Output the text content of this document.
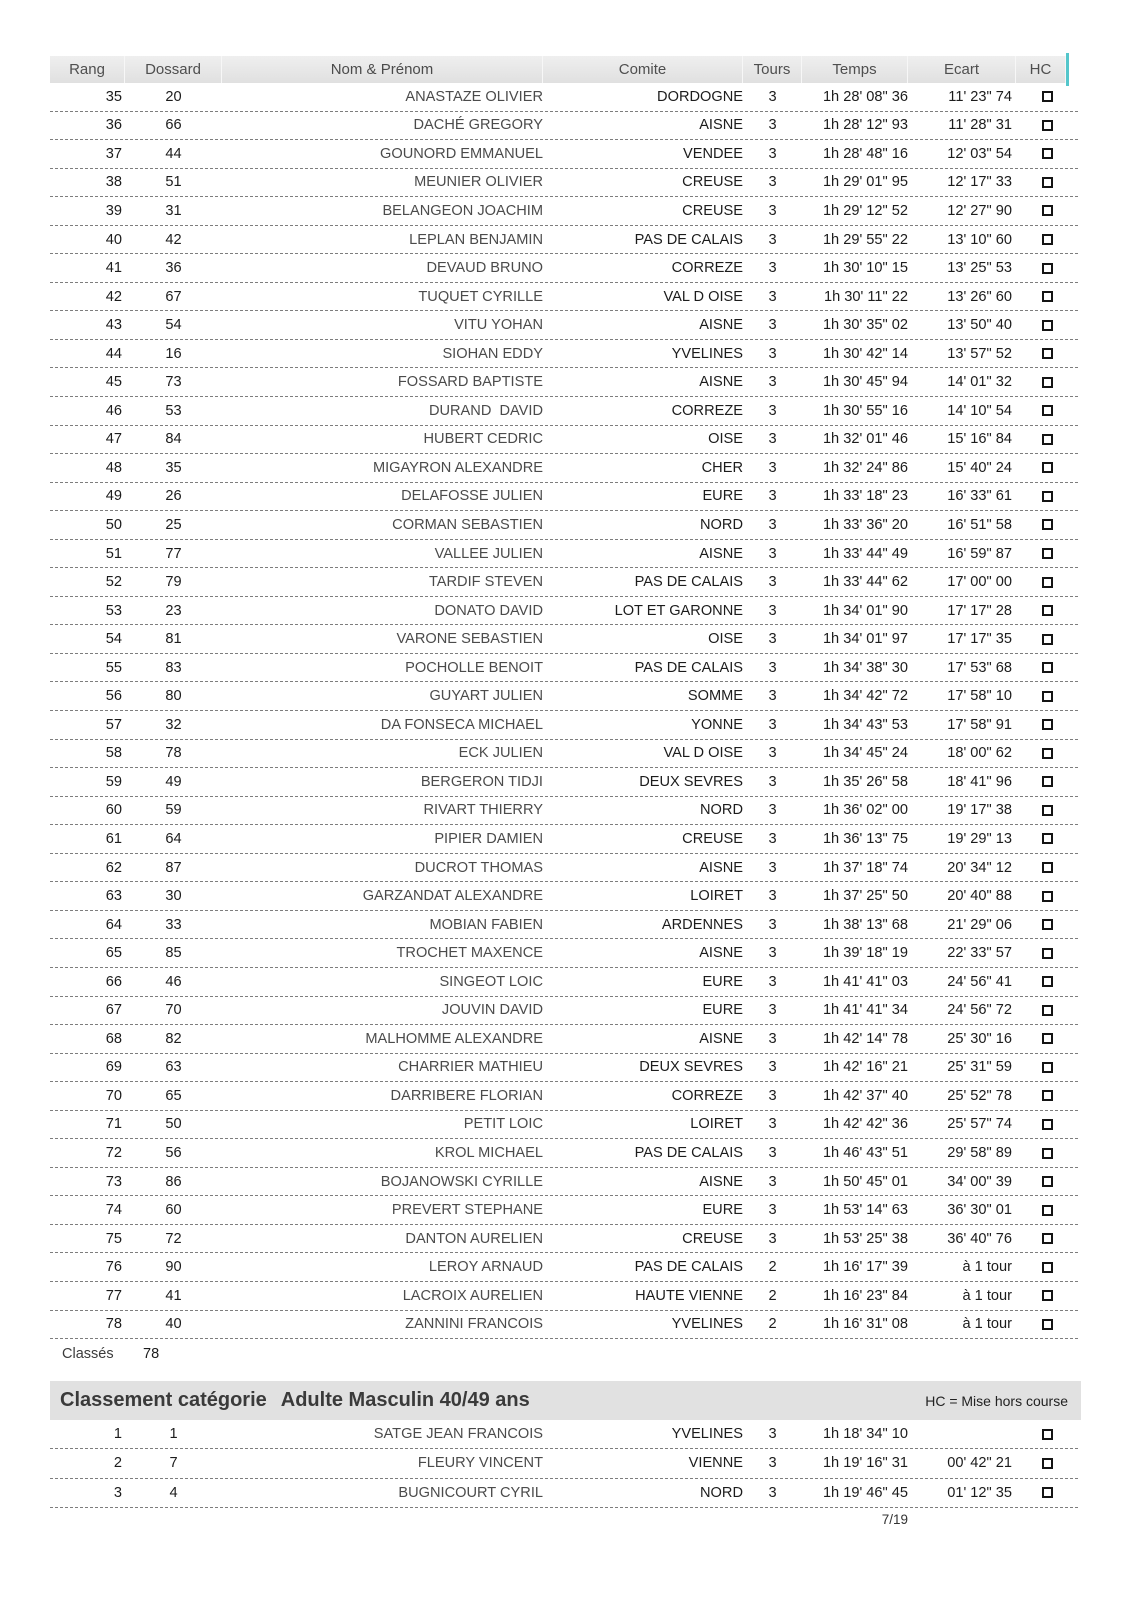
Rang	Dossard	Nom & Prénom	Comite	Tours	Temps	Ecart	HC
35	20	ANASTAZE OLIVIER	DORDOGNE	3	1h 28' 08" 36	11' 23" 74
36	66	DACHÉ GREGORY	AISNE	3	1h 28' 12" 93	11' 28" 31
37	44	GOUNORD EMMANUEL	VENDEE	3	1h 28' 48" 16	12' 03" 54
38	51	MEUNIER OLIVIER	CREUSE	3	1h 29' 01" 95	12' 17" 33
39	31	BELANGEON JOACHIM	CREUSE	3	1h 29' 12" 52	12' 27" 90
40	42	LEPLAN BENJAMIN	PAS DE CALAIS	3	1h 29' 55" 22	13' 10" 60
41	36	DEVAUD BRUNO	CORREZE	3	1h 30' 10" 15	13' 25" 53
42	67	TUQUET CYRILLE	VAL D OISE	3	1h 30' 11" 22	13' 26" 60
43	54	VITU YOHAN	AISNE	3	1h 30' 35" 02	13' 50" 40
44	16	SIOHAN EDDY	YVELINES	3	1h 30' 42" 14	13' 57" 52
45	73	FOSSARD BAPTISTE	AISNE	3	1h 30' 45" 94	14' 01" 32
46	53	DURAND  DAVID	CORREZE	3	1h 30' 55" 16	14' 10" 54
47	84	HUBERT CEDRIC	OISE	3	1h 32' 01" 46	15' 16" 84
48	35	MIGAYRON ALEXANDRE	CHER	3	1h 32' 24" 86	15' 40" 24
49	26	DELAFOSSE JULIEN	EURE	3	1h 33' 18" 23	16' 33" 61
50	25	CORMAN SEBASTIEN	NORD	3	1h 33' 36" 20	16' 51" 58
51	77	VALLEE JULIEN	AISNE	3	1h 33' 44" 49	16' 59" 87
52	79	TARDIF STEVEN	PAS DE CALAIS	3	1h 33' 44" 62	17' 00" 00
53	23	DONATO DAVID	LOT ET GARONNE	3	1h 34' 01" 90	17' 17" 28
54	81	VARONE SEBASTIEN	OISE	3	1h 34' 01" 97	17' 17" 35
55	83	POCHOLLE BENOIT	PAS DE CALAIS	3	1h 34' 38" 30	17' 53" 68
56	80	GUYART JULIEN	SOMME	3	1h 34' 42" 72	17' 58" 10
57	32	DA FONSECA MICHAEL	YONNE	3	1h 34' 43" 53	17' 58" 91
58	78	ECK JULIEN	VAL D OISE	3	1h 34' 45" 24	18' 00" 62
59	49	BERGERON TIDJI	DEUX SEVRES	3	1h 35' 26" 58	18' 41" 96
60	59	RIVART THIERRY	NORD	3	1h 36' 02" 00	19' 17" 38
61	64	PIPIER DAMIEN	CREUSE	3	1h 36' 13" 75	19' 29" 13
62	87	DUCROT THOMAS	AISNE	3	1h 37' 18" 74	20' 34" 12
63	30	GARZANDAT ALEXANDRE	LOIRET	3	1h 37' 25" 50	20' 40" 88
64	33	MOBIAN FABIEN	ARDENNES	3	1h 38' 13" 68	21' 29" 06
65	85	TROCHET MAXENCE	AISNE	3	1h 39' 18" 19	22' 33" 57
66	46	SINGEOT LOIC	EURE	3	1h 41' 41" 03	24' 56" 41
67	70	JOUVIN DAVID	EURE	3	1h 41' 41" 34	24' 56" 72
68	82	MALHOMME ALEXANDRE	AISNE	3	1h 42' 14" 78	25' 30" 16
69	63	CHARRIER MATHIEU	DEUX SEVRES	3	1h 42' 16" 21	25' 31" 59
70	65	DARRIBERE FLORIAN	CORREZE	3	1h 42' 37" 40	25' 52" 78
71	50	PETIT LOIC	LOIRET	3	1h 42' 42" 36	25' 57" 74
72	56	KROL MICHAEL	PAS DE CALAIS	3	1h 46' 43" 51	29' 58" 89
73	86	BOJANOWSKI CYRILLE	AISNE	3	1h 50' 45" 01	34' 00" 39
74	60	PREVERT STEPHANE	EURE	3	1h 53' 14" 63	36' 30" 01
75	72	DANTON AURELIEN	CREUSE	3	1h 53' 25" 38	36' 40" 76
76	90	LEROY ARNAUD	PAS DE CALAIS	2	1h 16' 17" 39	à 1 tour
77	41	LACROIX AURELIEN	HAUTE VIENNE	2	1h 16' 23" 84	à 1 tour
78	40	ZANNINI FRANCOIS	YVELINES	2	1h 16' 31" 08	à 1 tour
Classés 78
Classement catégorie Adulte Masculin 40/49 ans	HC = Mise hors course
1	1	SATGE JEAN FRANCOIS	YVELINES	3	1h 18' 34" 10
2	7	FLEURY VINCENT	VIENNE	3	1h 19' 16" 31	00' 42" 21
3	4	BUGNICOURT CYRIL	NORD	3	1h 19' 46" 45	01' 12" 35
7/19
